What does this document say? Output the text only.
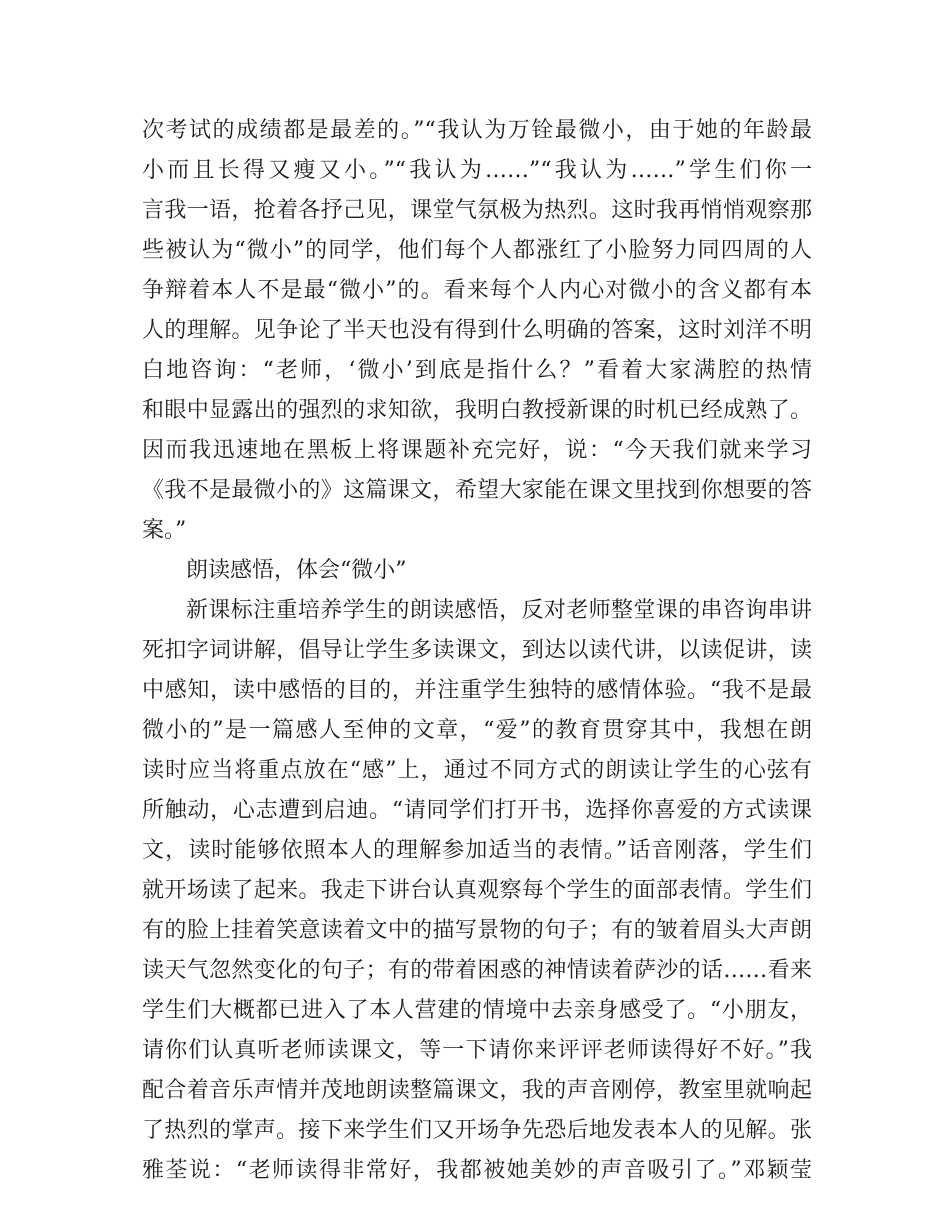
次考试的成绩都是最差的。”“我认为万铨最微小，由于她的年龄最
小而且长得又瘦又小。”“我认为……”“我认为……”学生们你一
言我一语，抢着各抒己见，课堂气氛极为热烈。这时我再悄悄观察那
些被认为“微小”的同学，他们每个人都涨红了小脸努力同四周的人
争辩着本人不是最“微小”的。看来每个人内心对微小的含义都有本
人的理解。见争论了半天也没有得到什么明确的答案，这时刘洋不明
白地咨询：“老师，‘微小’到底是指什么？”看着大家满腔的热情
和眼中显露出的强烈的求知欲，我明白教授新课的时机已经成熟了。
因而我迅速地在黑板上将课题补充完好，说：“今天我们就来学习
《我不是最微小的》这篇课文，希望大家能在课文里找到你想要的答
案。”
朗读感悟，体会“微小”
新课标注重培养学生的朗读感悟，反对老师整堂课的串咨询串讲
死扣字词讲解，倡导让学生多读课文，到达以读代讲，以读促讲，读
中感知，读中感悟的目的，并注重学生独特的感情体验。“我不是最
微小的”是一篇感人至伸的文章，“爱”的教育贯穿其中，我想在朗
读时应当将重点放在“感”上，通过不同方式的朗读让学生的心弦有
所触动，心志遭到启迪。“请同学们打开书，选择你喜爱的方式读课
文，读时能够依照本人的理解参加适当的表情。”话音刚落，学生们
就开场读了起来。我走下讲台认真观察每个学生的面部表情。学生们
有的脸上挂着笑意读着文中的描写景物的句子；有的皱着眉头大声朗
读天气忽然变化的句子；有的带着困惑的神情读着萨沙的话……看来
学生们大概都已进入了本人营建的情境中去亲身感受了。“小朋友，
请你们认真听老师读课文，等一下请你来评评老师读得好不好。”我
配合着音乐声情并茂地朗读整篇课文，我的声音刚停，教室里就响起
了热烈的掌声。接下来学生们又开场争先恐后地发表本人的见解。张
雅荃说：“老师读得非常好，我都被她美妙的声音吸引了。”邓颖莹
